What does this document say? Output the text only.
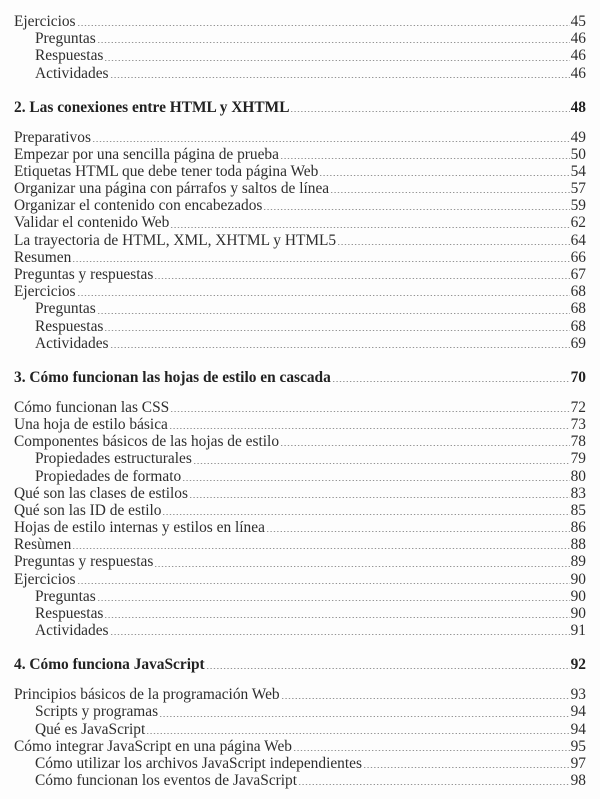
Ejercicios	45
Preguntas	46
Respuestas	46
Actividades	46
2. Las conexiones entre HTML y XHTML	48
Preparativos	49
Empezar por una sencilla página de prueba	50
Etiquetas HTML que debe tener toda página Web	54
Organizar una página con párrafos y saltos de línea	57
Organizar el contenido con encabezados	59
Validar el contenido Web	62
La trayectoria de HTML, XML, XHTML y HTML5	64
Resumen	66
Preguntas y respuestas	67
Ejercicios	68
Preguntas	68
Respuestas	68
Actividades	69
3. Cómo funcionan las hojas de estilo en cascada	70
Cómo funcionan las CSS	72
Una hoja de estilo básica	73
Componentes básicos de las hojas de estilo	78
Propiedades estructurales	79
Propiedades de formato	80
Qué son las clases de estilos	83
Qué son las ID de estilo	85
Hojas de estilo internas y estilos en línea	86
Resùmen	88
Preguntas y respuestas	89
Ejercicios	90
Preguntas	90
Respuestas	90
Actividades	91
4. Cómo funciona JavaScript	92
Principios básicos de la programación Web	93
Scripts y programas	94
Qué es JavaScript	94
Cómo integrar JavaScript en una página Web	95
Cómo utilizar los archivos JavaScript independientes	97
Cómo funcionan los eventos de JavaScript	98
